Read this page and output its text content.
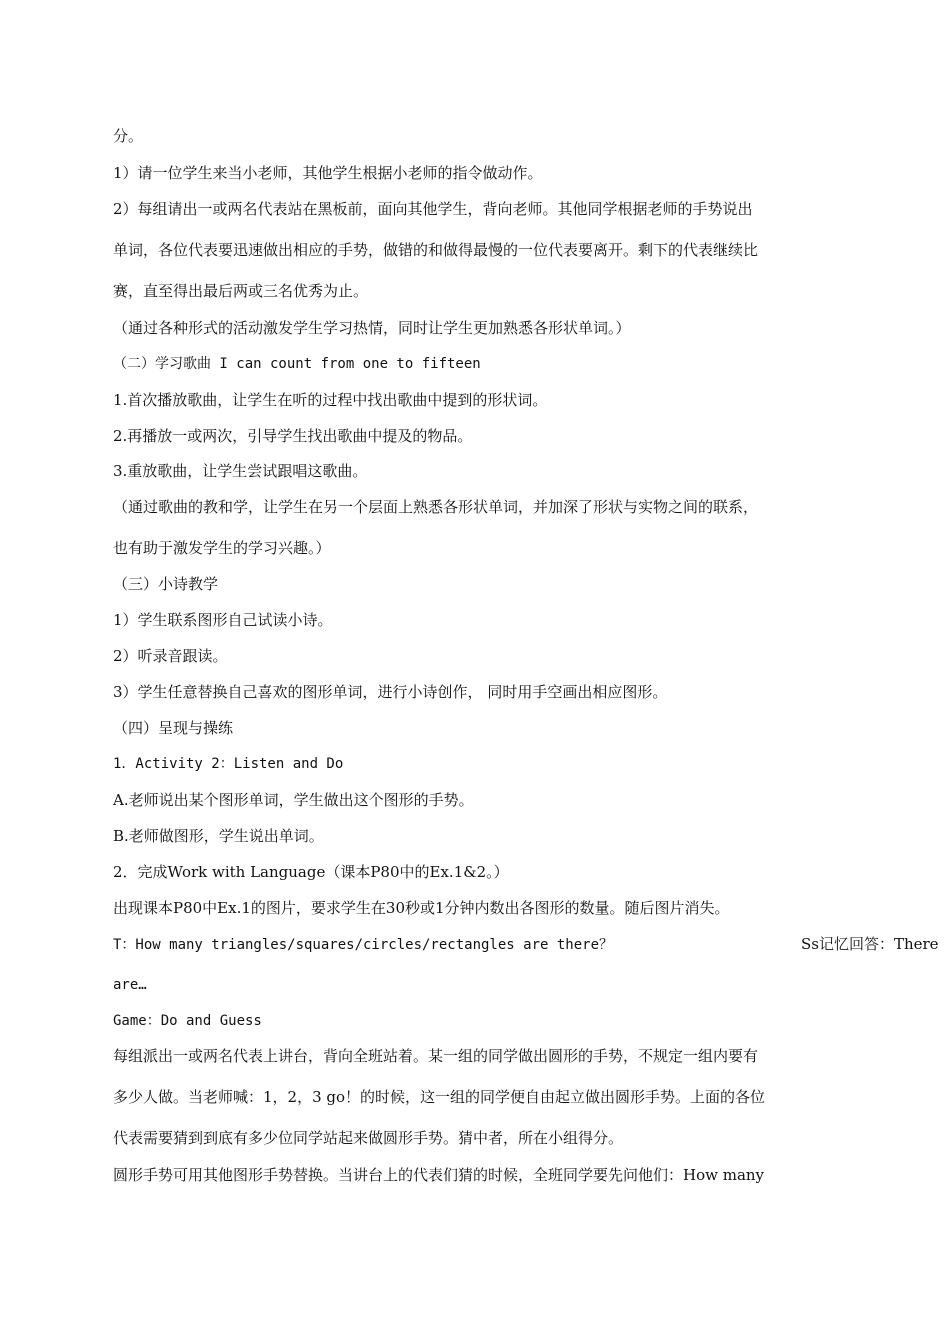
分。

1）请一位学生来当小老师，其他学生根据小老师的指令做动作。

2）每组请出一或两名代表站在黑板前，面向其他学生，背向老师。其他同学根据老师的手势说出

单词，各位代表要迅速做出相应的手势，做错的和做得最慢的一位代表要离开。剩下的代表继续比

赛，直至得出最后两或三名优秀为止。

（通过各种形式的活动激发学生学习热情，同时让学生更加熟悉各形状单词。）

（二）学习歌曲 I can count from one to fifteen

1.首次播放歌曲，让学生在听的过程中找出歌曲中提到的形状词。

2.再播放一或两次，引导学生找出歌曲中提及的物品。

3.重放歌曲，让学生尝试跟唱这歌曲。

（通过歌曲的教和学，让学生在另一个层面上熟悉各形状单词，并加深了形状与实物之间的联系，

也有助于激发学生的学习兴趣。）

（三）小诗教学

1）学生联系图形自己试读小诗。

2）听录音跟读。

3）学生任意替换自己喜欢的图形单词，进行小诗创作， 同时用手空画出相应图形。

（四）呈现与操练

1．Activity 2：Listen and Do

A.老师说出某个图形单词，学生做出这个图形的手势。

B.老师做图形，学生说出单词。

2．完成Work with Language（课本P80中的Ex.1&2。）

出现课本P80中Ex.1的图片，要求学生在30秒或1分钟内数出各图形的数量。随后图片消失。

T：How many triangles/squares/circles/rectangles are there？	Ss记忆回答：There

are…

Game：Do and Guess

每组派出一或两名代表上讲台，背向全班站着。某一组的同学做出圆形的手势，不规定一组内要有

多少人做。当老师喊：1，2，3 go！的时候，这一组的同学便自由起立做出圆形手势。上面的各位

代表需要猜到到底有多少位同学站起来做圆形手势。猜中者，所在小组得分。

圆形手势可用其他图形手势替换。当讲台上的代表们猜的时候，全班同学要先问他们：How many
